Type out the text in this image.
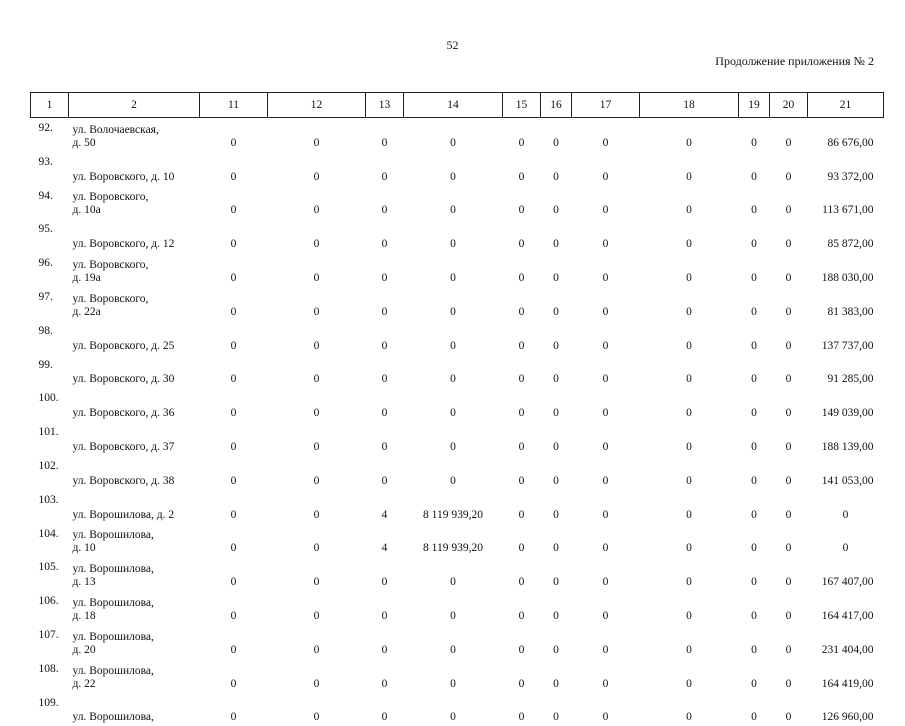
52
Продолжение приложения № 2
1	2	11	12	13	14	15	16	17	18	19	20	21
92.	ул. Волочаевская,
д. 50	0	0	0	0	0	0	0	0	0	0	86 676,00
93.	ул. Воровского, д. 10	0	0	0	0	0	0	0	0	0	0	93 372,00
94.	ул. Воровского,
д. 10а	0	0	0	0	0	0	0	0	0	0	113 671,00
95.	ул. Воровского, д. 12	0	0	0	0	0	0	0	0	0	0	85 872,00
96.	ул. Воровского,
д. 19а	0	0	0	0	0	0	0	0	0	0	188 030,00
97.	ул. Воровского,
д. 22а	0	0	0	0	0	0	0	0	0	0	81 383,00
98.	ул. Воровского, д. 25	0	0	0	0	0	0	0	0	0	0	137 737,00
99.	ул. Воровского, д. 30	0	0	0	0	0	0	0	0	0	0	91 285,00
100.	ул. Воровского, д. 36	0	0	0	0	0	0	0	0	0	0	149 039,00
101.	ул. Воровского, д. 37	0	0	0	0	0	0	0	0	0	0	188 139,00
102.	ул. Воровского, д. 38	0	0	0	0	0	0	0	0	0	0	141 053,00
103.	ул. Ворошилова, д. 2	0	0	4	8 119 939,20	0	0	0	0	0	0	0
104.	ул. Ворошилова,
д. 10	0	0	4	8 119 939,20	0	0	0	0	0	0	0
105.	ул. Ворошилова,
д. 13	0	0	0	0	0	0	0	0	0	0	167 407,00
106.	ул. Ворошилова,
д. 18	0	0	0	0	0	0	0	0	0	0	164 417,00
107.	ул. Ворошилова,
д. 20	0	0	0	0	0	0	0	0	0	0	231 404,00
108.	ул. Ворошилова,
д. 22	0	0	0	0	0	0	0	0	0	0	164 419,00
109.	ул. Ворошилова,	0	0	0	0	0	0	0	0	0	0	126 960,00
